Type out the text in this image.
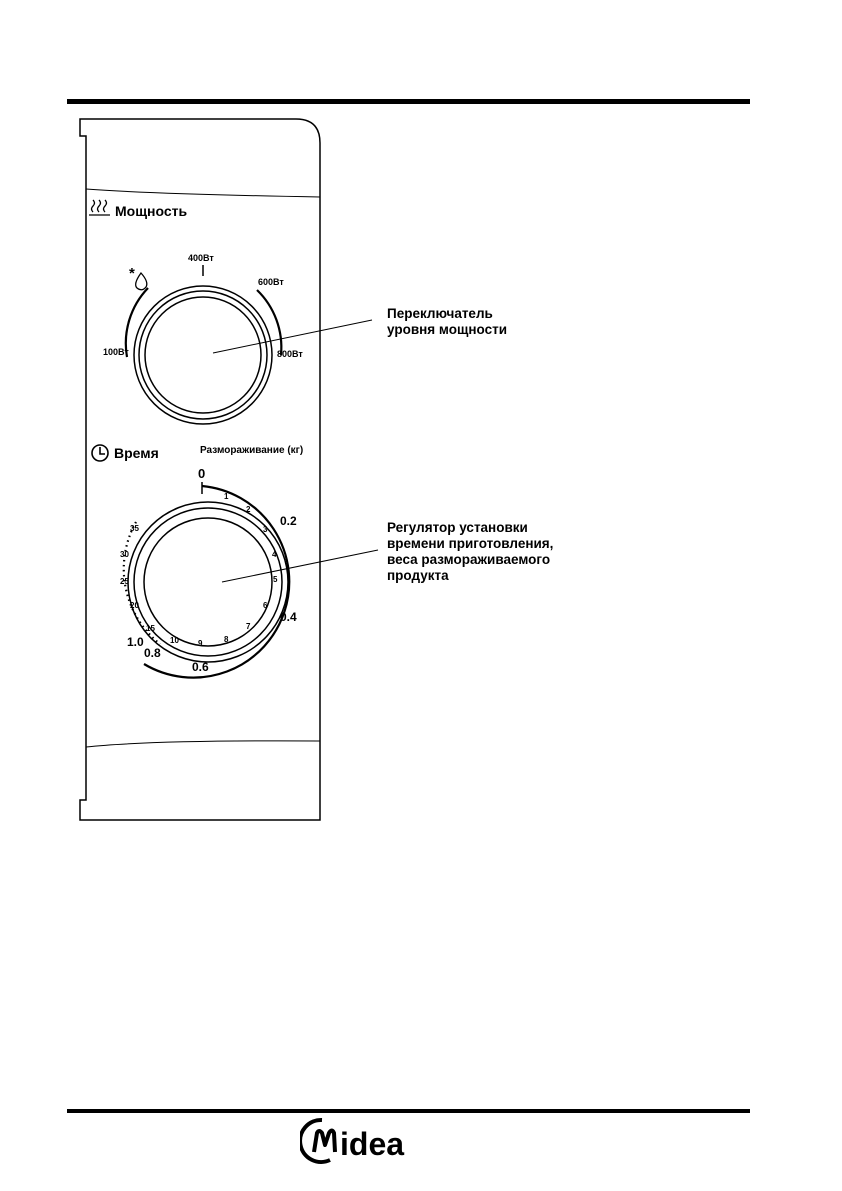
Мощность
*
100Вт
400Вт
600Вт
800Вт
Время	Размораживание (кг)
0
1
2
3
4
5
6
7
8
9
10
15
20
25
30
35
0.2
0.4
0.6
0.8
1.0
Переключатель
уровня мощности
Регулятор установки
времени приготовления,
веса размораживаемого
продукта
idea
